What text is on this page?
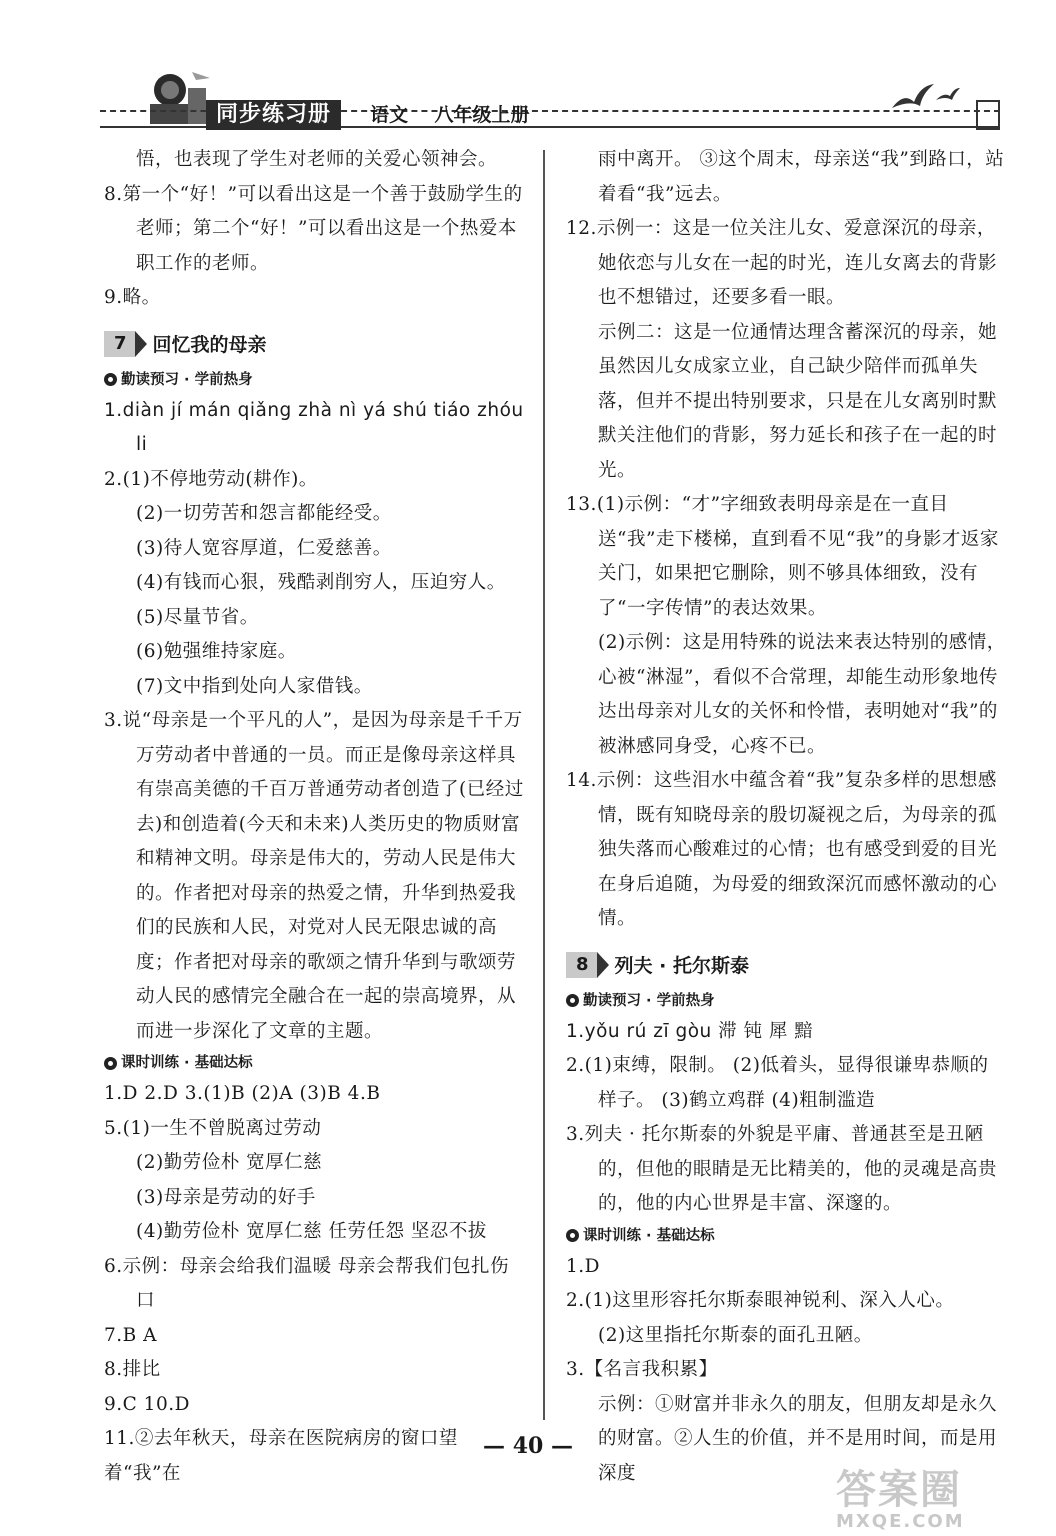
同步练习册	语文    八年级上册

悟，也表现了学生对老师的关爱心领神会。

8.第一个“好！”可以看出这是一个善于鼓励学生的老师；第二个“好！”可以看出这是一个热爱本职工作的老师。

9.略。

7	回忆我的母亲

勤读预习 · 学前热身

1.diàn jí mán qiǎng zhà nì yá shú tiáo zhóu li

2.(1)不停地劳动(耕作)。

(2)一切劳苦和怨言都能经受。

(3)待人宽容厚道，仁爱慈善。

(4)有钱而心狠，残酷剥削穷人，压迫穷人。

(5)尽量节省。

(6)勉强维持家庭。

(7)文中指到处向人家借钱。

3.说“母亲是一个平凡的人”，是因为母亲是千千万万劳动者中普通的一员。而正是像母亲这样具有崇高美德的千百万普通劳动者创造了(已经过去)和创造着(今天和未来)人类历史的物质财富和精神文明。母亲是伟大的，劳动人民是伟大的。作者把对母亲的热爱之情，升华到热爱我们的民族和人民，对党对人民无限忠诚的高度；作者把对母亲的歌颂之情升华到与歌颂劳动人民的感情完全融合在一起的崇高境界，从而进一步深化了文章的主题。

课时训练 · 基础达标

1.D 2.D 3.(1)B (2)A (3)B 4.B

5.(1)一生不曾脱离过劳动

(2)勤劳俭朴 宽厚仁慈

(3)母亲是劳动的好手

(4)勤劳俭朴 宽厚仁慈 任劳任怨 坚忍不拔

6.示例：母亲会给我们温暖 母亲会帮我们包扎伤口

7.B A

8.排比

9.C 10.D

11.②去年秋天，母亲在医院病房的窗口望着“我”在

雨中离开。 ③这个周末，母亲送“我”到路口，站着看“我”远去。

12.示例一：这是一位关注儿女、爱意深沉的母亲，她依恋与儿女在一起的时光，连儿女离去的背影也不想错过，还要多看一眼。

示例二：这是一位通情达理含蓄深沉的母亲，她虽然因儿女成家立业，自己缺少陪伴而孤单失落，但并不提出特别要求，只是在儿女离别时默默关注他们的背影，努力延长和孩子在一起的时光。

13.(1)示例：“才”字细致表明母亲是在一直目送“我”走下楼梯，直到看不见“我”的身影才返家关门，如果把它删除，则不够具体细致，没有了“一字传情”的表达效果。

(2)示例：这是用特殊的说法来表达特别的感情，心被“淋湿”，看似不合常理，却能生动形象地传达出母亲对儿女的关怀和怜惜，表明她对“我”的被淋感同身受，心疼不已。

14.示例：这些泪水中蕴含着“我”复杂多样的思想感情，既有知晓母亲的殷切凝视之后，为母亲的孤独失落而心酸难过的心情；也有感受到爱的目光在身后追随，为母爱的细致深沉而感怀激动的心情。

8	列夫 · 托尔斯泰

勤读预习 · 学前热身

1.yǒu rú zī gòu 滞 钝 犀 黯

2.(1)束缚，限制。 (2)低着头，显得很谦卑恭顺的样子。 (3)鹤立鸡群 (4)粗制滥造

3.列夫 · 托尔斯泰的外貌是平庸、普通甚至是丑陋的，但他的眼睛是无比精美的，他的灵魂是高贵的，他的内心世界是丰富、深邃的。

课时训练 · 基础达标

1.D

2.(1)这里形容托尔斯泰眼神锐利、深入人心。

(2)这里指托尔斯泰的面孔丑陋。

3.【名言我积累】

示例：①财富并非永久的朋友，但朋友却是永久的财富。②人生的价值，并不是用时间，而是用深度

— 40 —
答案圈
MXQE.COM
